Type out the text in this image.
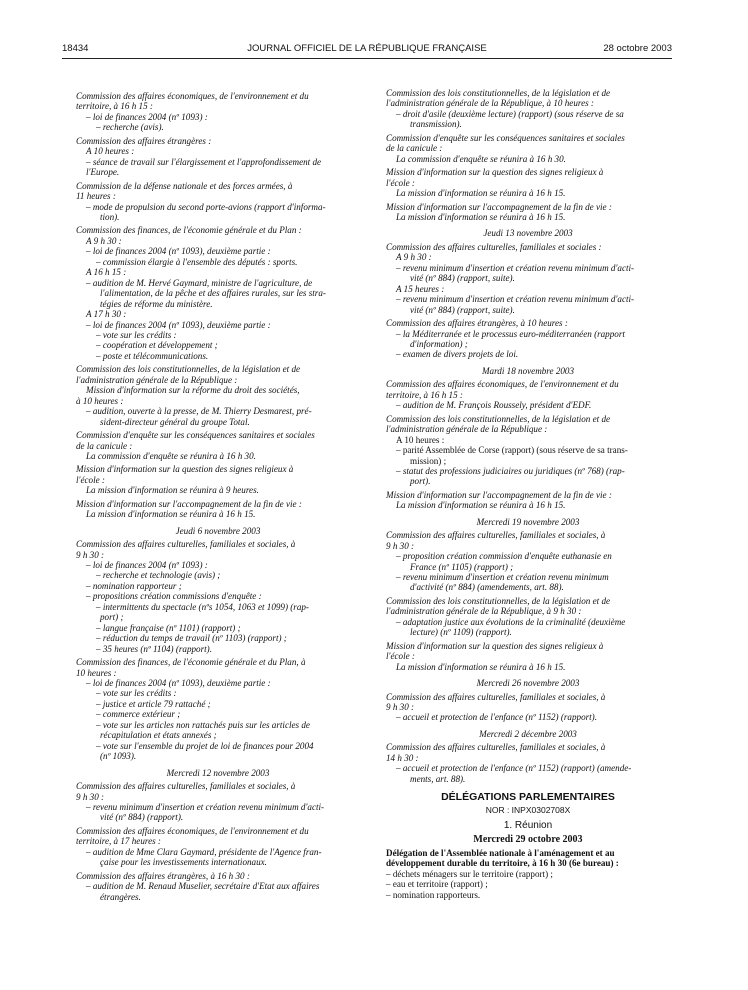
18434	JOURNAL OFFICIEL DE LA RÉPUBLIQUE FRANÇAISE	28 octobre 2003
Commission des affaires économiques, de l'environnement et du
territoire, à 16 h 15 :
– loi de finances 2004 (nº 1093) :
– recherche (avis).
Commission des affaires étrangères :
A 10 heures :
– séance de travail sur l'élargissement et l'approfondissement de
l'Europe.
Commission de la défense nationale et des forces armées, à
11 heures :
– mode de propulsion du second porte-avions (rapport d'informa-
tion).
Commission des finances, de l'économie générale et du Plan :
A 9 h 30 :
– loi de finances 2004 (nº 1093), deuxième partie :
– commission élargie à l'ensemble des députés : sports.
A 16 h 15 :
– audition de M. Hervé Gaymard, ministre de l'agriculture, de
l'alimentation, de la pêche et des affaires rurales, sur les stra-
tégies de réforme du ministère.
A 17 h 30 :
– loi de finances 2004 (nº 1093), deuxième partie :
– vote sur les crédits :
– coopération et développement ;
– poste et télécommunications.
Commission des lois constitutionnelles, de la législation et de
l'administration générale de la République :
Mission d'information sur la réforme du droit des sociétés,
à 10 heures :
– audition, ouverte à la presse, de M. Thierry Desmarest, pré-
sident-directeur général du groupe Total.
Commission d'enquête sur les conséquences sanitaires et sociales
de la canicule :
La commission d'enquête se réunira à 16 h 30.
Mission d'information sur la question des signes religieux à
l'école :
La mission d'information se réunira à 9 heures.
Mission d'information sur l'accompagnement de la fin de vie :
La mission d'information se réunira à 16 h 15.
Jeudi 6 novembre 2003
Commission des affaires culturelles, familiales et sociales, à
9 h 30 :
– loi de finances 2004 (nº 1093) :
– recherche et technologie (avis) ;
– nomination rapporteur ;
– propositions création commissions d'enquête :
– intermittents du spectacle (nºs 1054, 1063 et 1099) (rap-
port) ;
– langue française (nº 1101) (rapport) ;
– réduction du temps de travail (nº 1103) (rapport) ;
– 35 heures (nº 1104) (rapport).
Commission des finances, de l'économie générale et du Plan, à
10 heures :
– loi de finances 2004 (nº 1093), deuxième partie :
– vote sur les crédits :
– justice et article 79 rattaché ;
– commerce extérieur ;
– vote sur les articles non rattachés puis sur les articles de
récapitulation et états annexés ;
– vote sur l'ensemble du projet de loi de finances pour 2004
(nº 1093).
Mercredi 12 novembre 2003
Commission des affaires culturelles, familiales et sociales, à
9 h 30 :
– revenu minimum d'insertion et création revenu minimum d'acti-
vité (nº 884) (rapport).
Commission des affaires économiques, de l'environnement et du
territoire, à 17 heures :
– audition de Mme Clara Gaymard, présidente de l'Agence fran-
çaise pour les investissements internationaux.
Commission des affaires étrangères, à 16 h 30 :
– audition de M. Renaud Muselier, secrétaire d'Etat aux affaires
étrangères.
Commission des lois constitutionnelles, de la législation et de
l'administration générale de la République, à 10 heures :
– droit d'asile (deuxième lecture) (rapport) (sous réserve de sa
transmission).
Commission d'enquête sur les conséquences sanitaires et sociales
de la canicule :
La commission d'enquête se réunira à 16 h 30.
Mission d'information sur la question des signes religieux à
l'école :
La mission d'information se réunira à 16 h 15.
Mission d'information sur l'accompagnement de la fin de vie :
La mission d'information se réunira à 16 h 15.
Jeudi 13 novembre 2003
Commission des affaires culturelles, familiales et sociales :
A 9 h 30 :
– revenu minimum d'insertion et création revenu minimum d'acti-
vité (nº 884) (rapport, suite).
A 15 heures :
– revenu minimum d'insertion et création revenu minimum d'acti-
vité (nº 884) (rapport, suite).
Commission des affaires étrangères, à 10 heures :
– la Méditerranée et le processus euro-méditerranéen (rapport
d'information) ;
– examen de divers projets de loi.
Mardi 18 novembre 2003
Commission des affaires économiques, de l'environnement et du
territoire, à 16 h 15 :
– audition de M. François Roussely, président d'EDF.
Commission des lois constitutionnelles, de la législation et de
l'administration générale de la République :
A 10 heures :
– parité Assemblée de Corse (rapport) (sous réserve de sa trans-
mission) ;
– statut des professions judiciaires ou juridiques (nº 768) (rap-
port).
Mission d'information sur l'accompagnement de la fin de vie :
La mission d'information se réunira à 16 h 15.
Mercredi 19 novembre 2003
Commission des affaires culturelles, familiales et sociales, à
9 h 30 :
– proposition création commission d'enquête euthanasie en
France (nº 1105) (rapport) ;
– revenu minimum d'insertion et création revenu minimum
d'activité (nº 884) (amendements, art. 88).
Commission des lois constitutionnelles, de la législation et de
l'administration générale de la République, à 9 h 30 :
– adaptation justice aux évolutions de la criminalité (deuxième
lecture) (nº 1109) (rapport).
Mission d'information sur la question des signes religieux à
l'école :
La mission d'information se réunira à 16 h 15.
Mercredi 26 novembre 2003
Commission des affaires culturelles, familiales et sociales, à
9 h 30 :
– accueil et protection de l'enfance (nº 1152) (rapport).
Mercredi 2 décembre 2003
Commission des affaires culturelles, familiales et sociales, à
14 h 30 :
– accueil et protection de l'enfance (nº 1152) (rapport) (amende-
ments, art. 88).
DÉLÉGATIONS PARLEMENTAIRES
NOR : INPX0302708X
1. Réunion
Mercredi 29 octobre 2003
Délégation de l'Assemblée nationale à l'aménagement et au
développement durable du territoire, à 16 h 30 (6e bureau) :
– déchets ménagers sur le territoire (rapport) ;
– eau et territoire (rapport) ;
– nomination rapporteurs.
